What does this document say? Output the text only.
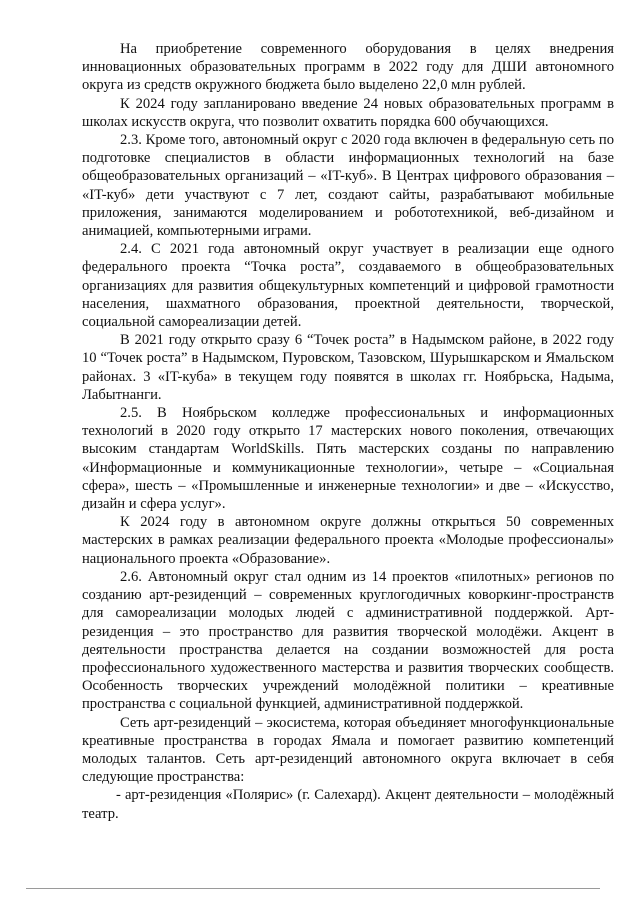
На приобретение современного оборудования в целях внедрения инновационных образовательных программ в 2022 году для ДШИ автономного округа из средств окружного бюджета было выделено 22,0 млн рублей.

К 2024 году запланировано введение 24 новых образовательных программ в школах искусств округа, что позволит охватить порядка 600 обучающихся.

2.3. Кроме того, автономный округ с 2020 года включен в федеральную сеть по подготовке специалистов в области информационных технологий на базе общеобразовательных организаций – «IT-куб». В Центрах цифрового образования – «IT-куб» дети участвуют с 7 лет, создают сайты, разрабатывают мобильные приложения, занимаются моделированием и робототехникой, веб-дизайном и анимацией, компьютерными играми.

2.4. С 2021 года автономный округ участвует в реализации еще одного федерального проекта “Точка роста”, создаваемого в общеобразовательных организациях для развития общекультурных компетенций и цифровой грамотности населения, шахматного образования, проектной деятельности, творческой, социальной самореализации детей.

В 2021 году открыто сразу 6 “Точек роста” в Надымском районе, в 2022 году 10 “Точек роста” в Надымском, Пуровском, Тазовском, Шурышкарском и Ямальском районах. 3 «IT-куба» в текущем году появятся в школах гг. Ноябрьска, Надыма, Лабытнанги.

2.5. В Ноябрьском колледже профессиональных и информационных технологий в 2020 году открыто 17 мастерских нового поколения, отвечающих высоким стандартам WorldSkills. Пять мастерских созданы по направлению «Информационные и коммуникационные технологии», четыре – «Социальная сфера», шесть – «Промышленные и инженерные технологии» и две – «Искусство, дизайн и сфера услуг».

К 2024 году в автономном округе должны открыться 50 современных мастерских в рамках реализации федерального проекта «Молодые профессионалы» национального проекта «Образование».

2.6. Автономный округ стал одним из 14 проектов «пилотных» регионов по созданию арт-резиденций – современных круглогодичных коворкинг-пространств для самореализации молодых людей с административной поддержкой. Арт-резиденция – это пространство для развития творческой молодёжи. Акцент в деятельности пространства делается на создании возможностей для роста профессионального художественного мастерства и развития творческих сообществ. Особенность творческих учреждений молодёжной политики – креативные пространства с социальной функцией, административной поддержкой.

Сеть арт-резиденций – экосистема, которая объединяет многофункциональные креативные пространства в городах Ямала и помогает развитию компетенций молодых талантов. Сеть арт-резиденций автономного округа включает в себя следующие пространства:

- арт-резиденция «Полярис» (г. Салехард). Акцент деятельности – молодёжный театр.
